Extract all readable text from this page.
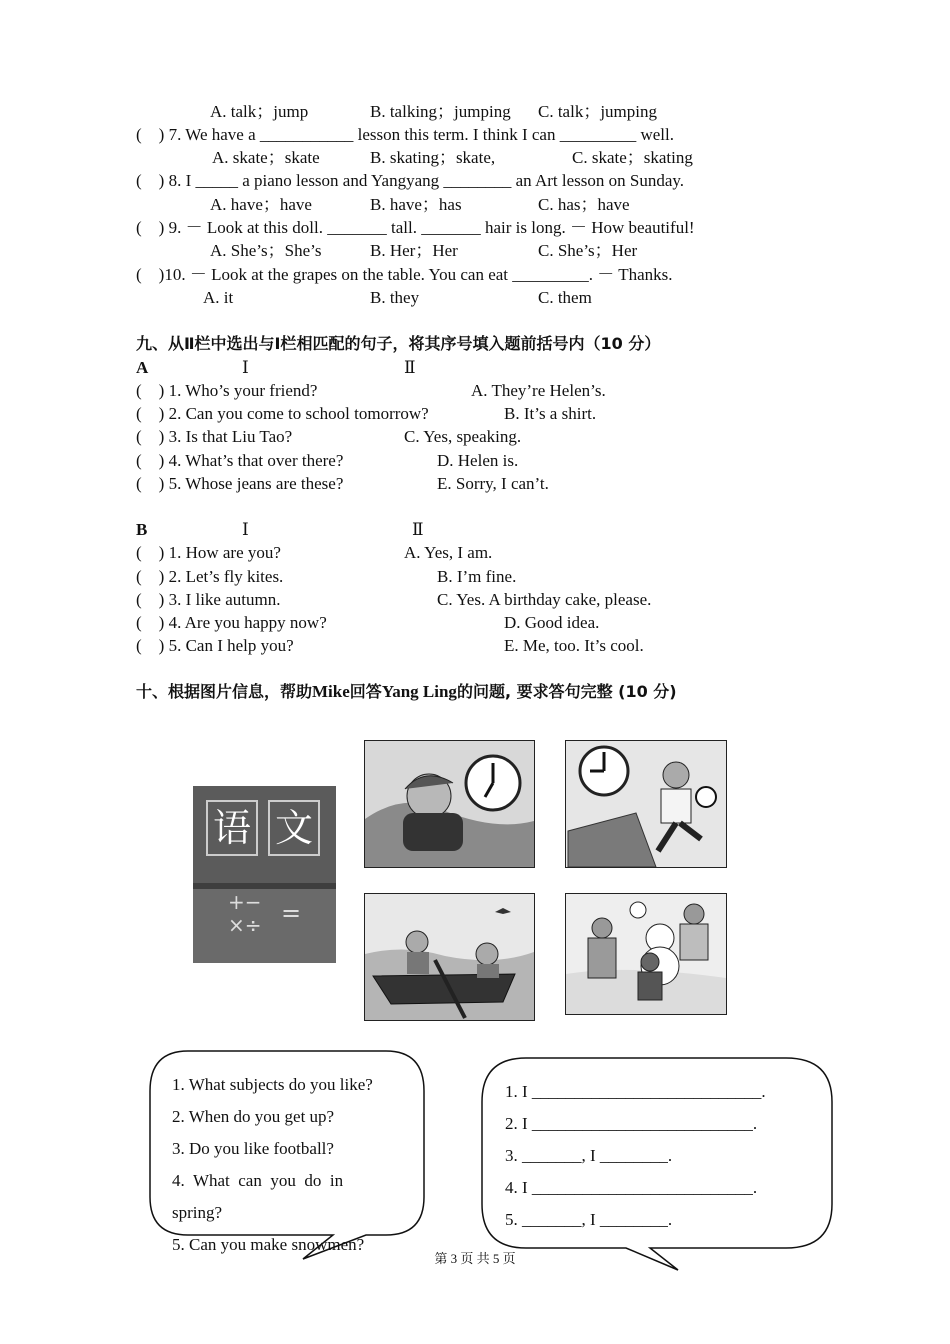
A. talk；jump	B. talking；jumping C. talk；jumping
(    ) 7. We have a ___________ lesson this term. I think I can _________ well.
A. skate；skate	B. skating；skate,	C. skate；skating
(    ) 8. I _____ a piano lesson and Yangyang ________ an Art lesson on Sunday.
A. have；have	B. have；has	C. has；have
(    ) 9. － Look at this doll. _______ tall. _______ hair is long. － How beautiful!
A. She’s；She’s	B. Her；Her	C. She’s；Her
(    )10. － Look at the grapes on the table. You can eat _________. － Thanks.
A. it	B. they	C. them
九、从Ⅱ栏中选出与Ⅰ栏相匹配的句子，将其序号填入题前括号内（10 分）
A	Ⅰ	Ⅱ
(    ) 1. Who’s your friend?	A. They’re Helen’s.
(    ) 2. Can you come to school tomorrow?	B. It’s a shirt.
(    ) 3. Is that Liu Tao?	C. Yes, speaking.
(    ) 4. What’s that over there?	D. Helen is.
(    ) 5. Whose jeans are these?	E. Sorry, I can’t.
B	Ⅰ	Ⅱ
(    ) 1. How are you?	A. Yes, I am.
(    ) 2. Let’s fly kites.	B. I’m fine.
(    ) 3. I like autumn.	C. Yes. A birthday cake, please.
(    ) 4. Are you happy now?	D. Good idea.
(    ) 5. Can I help you?	E. Me, too. It’s cool.
十、根据图片信息，帮助Mike回答Yang Ling的问题, 要求答句完整 (10 分)
语 文
+−
×÷ =
1. What subjects do you like?
2. When do you get up?
3. Do you like football?
4.  What  can  you  do  in
spring?
5. Can you make snowmen?
1. I ___________________________.
2. I __________________________.
3. _______, I ________.
4. I __________________________.
5. _______, I ________.
第 3 页 共 5 页
